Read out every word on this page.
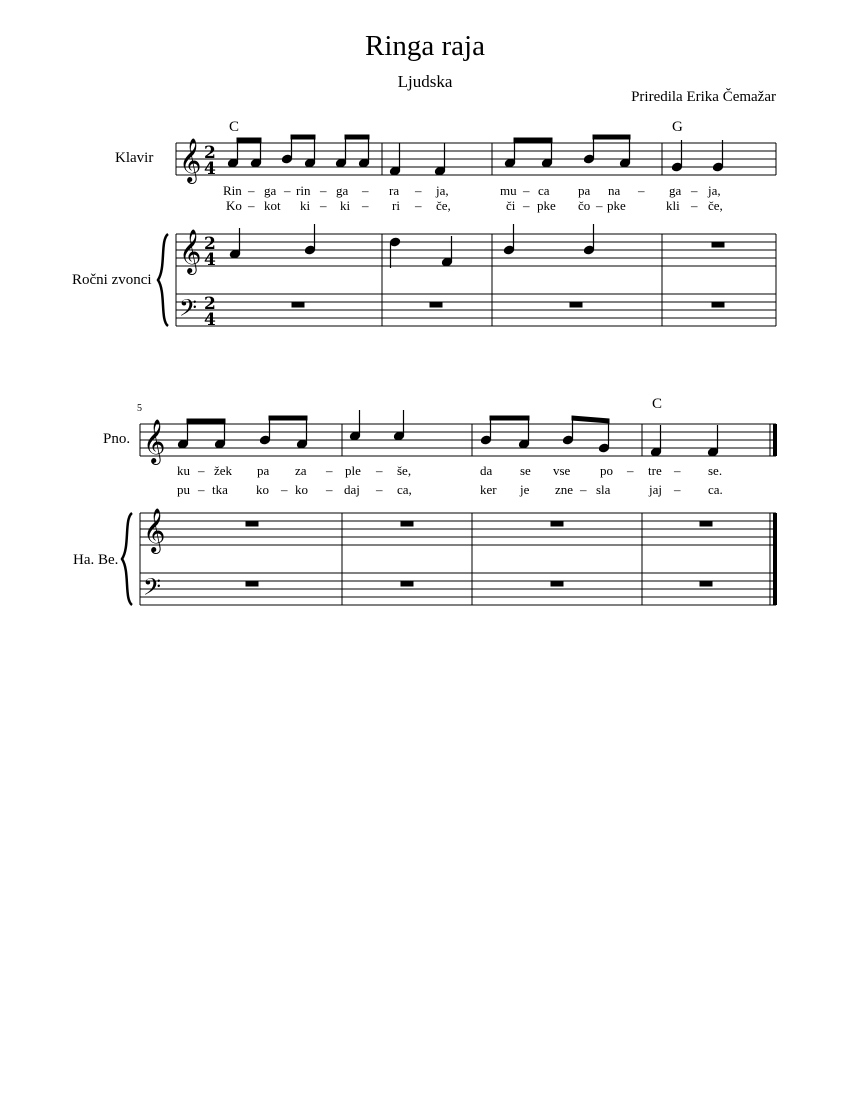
Ringa raja
Ljudska
Priredila Erika Čemažar
Klavir
Ročni zvonci
C	G
5
Pno.
Ha. Be.
C
Rin – ga – rin – ga – ra – ja,	mu – ca pa na – ga – ja,
Ko – kot ki – ki – ri – če,	či – pke čo – pke	kli – če,
ku – žek pa za – ple – še,	da se vse po – tre – se.
pu – tka ko – ko – daj – ca,	ker je zne – sla	jaj – ca.
𝄞
𝄞
𝄢
𝄞
𝄞
𝄢
2
4
2
4
2
4
